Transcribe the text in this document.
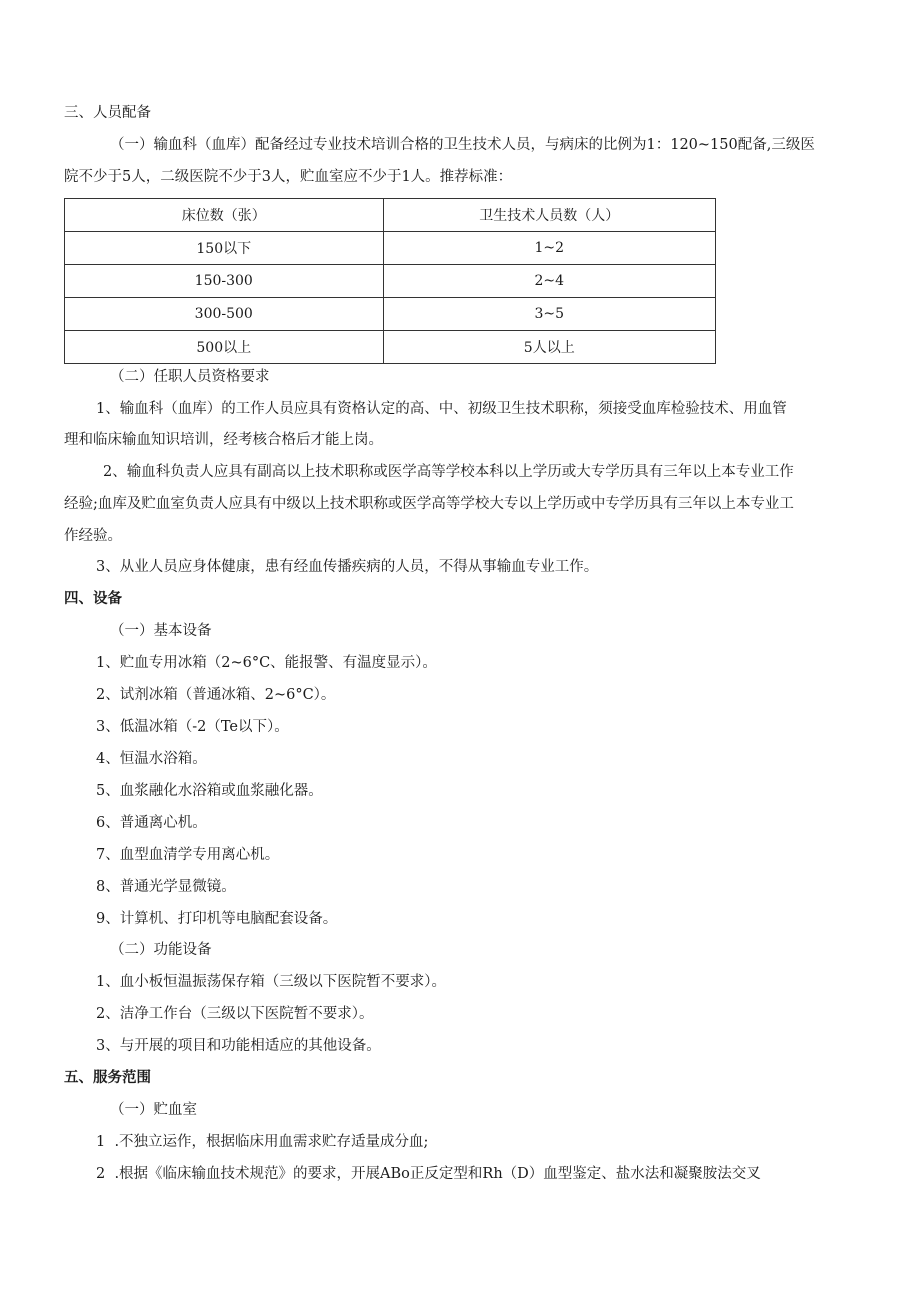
三、人员配备
（一）输血科（血库）配备经过专业技术培训合格的卫生技术人员，与病床的比例为1：120~150配备,三级医
院不少于5人，二级医院不少于3人，贮血室应不少于1人。推荐标准：
床位数（张）	卫生技术人员数（人）
150以下	1~2
150-300	2~4
300-500	3~5
500以上	5人以上
（二）任职人员资格要求
1、输血科（血库）的工作人员应具有资格认定的高、中、初级卫生技术职称，须接受血库检验技术、用血管
理和临床输血知识培训，经考核合格后才能上岗。
2、输血科负责人应具有副高以上技术职称或医学高等学校本科以上学历或大专学历具有三年以上本专业工作
经验;血库及贮血室负责人应具有中级以上技术职称或医学高等学校大专以上学历或中专学历具有三年以上本专业工
作经验。
3、从业人员应身体健康，患有经血传播疾病的人员，不得从事输血专业工作。
四、设备
（一）基本设备
1、贮血专用冰箱（2~6°C、能报警、有温度显示）。
2、试剂冰箱（普通冰箱、2~6°C）。
3、低温冰箱（-2（Te以下）。
4、恒温水浴箱。
5、血浆融化水浴箱或血浆融化器。
6、普通离心机。
7、血型血清学专用离心机。
8、普通光学显微镜。
9、计算机、打印机等电脑配套设备。
（二）功能设备
1、血小板恒温振荡保存箱（三级以下医院暂不要求）。
2、洁净工作台（三级以下医院暂不要求）。
3、与开展的项目和功能相适应的其他设备。
五、服务范围
（一）贮血室
1  .不独立运作，根据临床用血需求贮存适量成分血;
2  .根据《临床输血技术规范》的要求，开展ABo正反定型和Rh（D）血型鉴定、盐水法和凝聚胺法交叉
